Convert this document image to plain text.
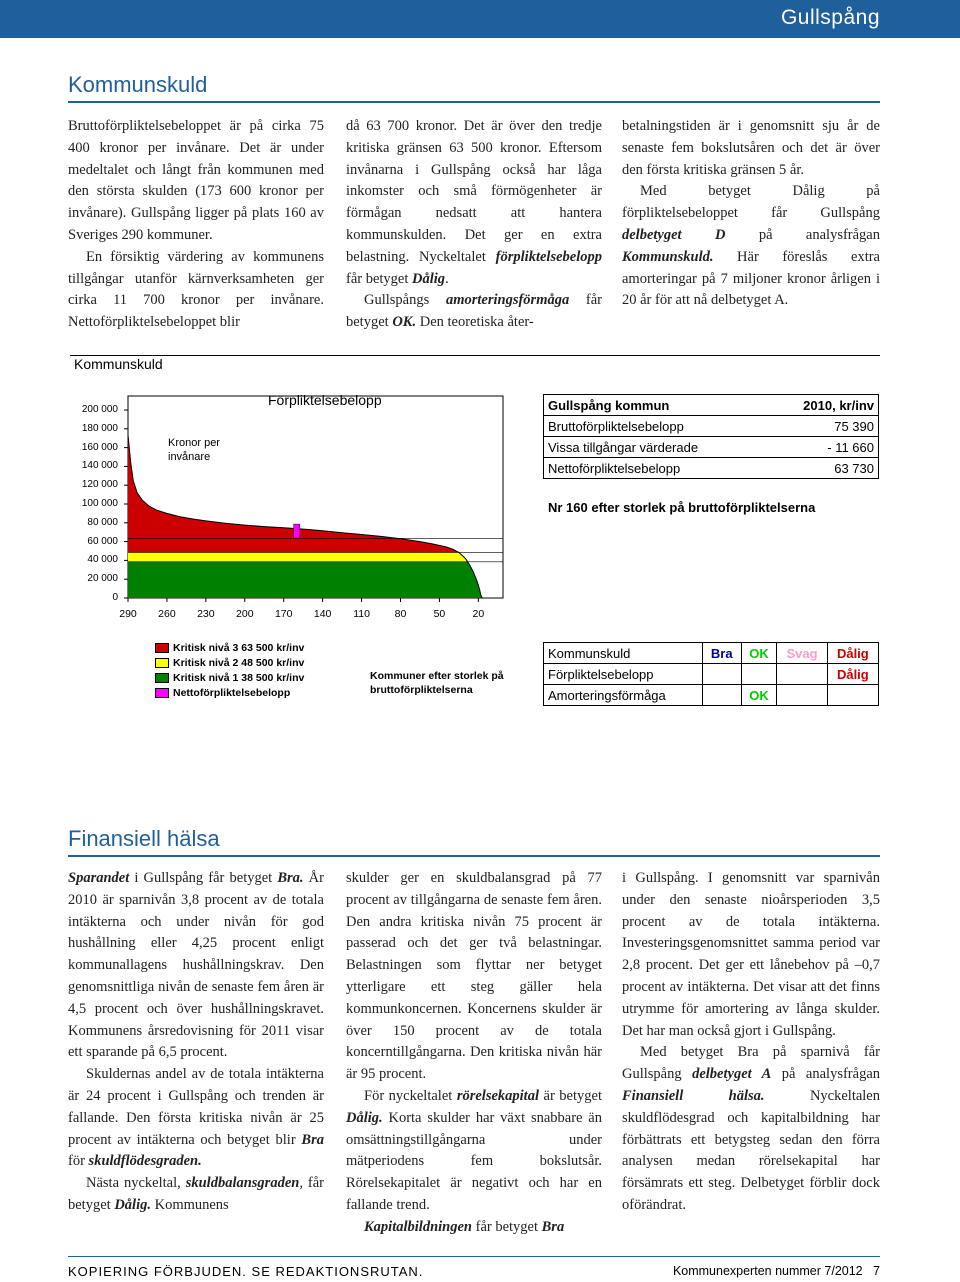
Gullspång
Kommunskuld

Bruttoförpliktelsebeloppet är på cirka 75 400 kronor per invånare. Det är under medeltalet och långt från kommunen med den största skulden (173 600 kronor per invånare). Gullspång ligger på plats 160 av Sveriges 290 kommuner.

En försiktig värdering av kommunens tillgångar utanför kärnverksamheten ger cirka 11 700 kronor per invånare. Nettoförpliktelsebeloppet blir

då 63 700 kronor. Det är över den tredje kritiska gränsen 63 500 kronor. Eftersom invånarna i Gullspång också har låga inkomster och små förmögenheter är förmågan nedsatt att hantera kommunskulden. Det ger en extra belastning. Nyckeltalet förpliktelsebelopp får betyget Dålig.

Gullspångs amorteringsförmåga får betyget OK. Den teoretiska åter-

betalningstiden är i genomsnitt sju år de senaste fem bokslutsåren och det är över den första kritiska gränsen 5 år.

Med betyget Dålig på förpliktelsebeloppet får Gullspång delbetyget D på analysfrågan Kommunskuld. Här föreslås extra amorteringar på 7 miljoner kronor årligen i 20 år för att nå delbetyget A.

Kommunskuld
200 000
180 000
160 000
140 000
120 000
100 000
80 000
60 000
40 000
20 000
0
290	260	230	200	170	140	110	80	50	20
Förpliktelsebelopp
Kronor per invånare
Kritisk nivå 3 63 500 kr/inv
Kritisk nivå 2 48 500 kr/inv
Kritisk nivå 1 38 500 kr/inv
Nettoförpliktelsebelopp
Kommuner efter storlek på bruttoförpliktelserna
Gullspång kommun	2010, kr/inv
Bruttoförpliktelsebelopp	75 390
Vissa tillgångar värderade	- 11 660
Nettoförpliktelsebelopp	63 730
Nr 160 efter storlek på bruttoförpliktelserna
Kommunskuld	Bra	OK	Svag	Dålig
Förpliktelsebelopp				Dålig
Amorteringsförmåga		OK		
Finansiell hälsa

Sparandet i Gullspång får betyget Bra. År 2010 är sparnivån 3,8 procent av de totala intäkterna och under nivån för god hushållning eller 4,25 procent enligt kommunallagens hushållningskrav. Den genomsnittliga nivån de senaste fem åren är 4,5 procent och över hushållningskravet. Kommunens årsredovisning för 2011 visar ett sparande på 6,5 procent.

Skuldernas andel av de totala intäkterna är 24 procent i Gullspång och trenden är fallande. Den första kritiska nivån är 25 procent av intäkterna och betyget blir Bra för skuldflödesgraden.

Nästa nyckeltal, skuldbalansgraden, får betyget Dålig. Kommunens

skulder ger en skuldbalansgrad på 77 procent av tillgångarna de senaste fem åren. Den andra kritiska nivån 75 procent är passerad och det ger två belastningar. Belastningen som flyttar ner betyget ytterligare ett steg gäller hela kommunkoncernen. Koncernens skulder är över 150 procent av de totala koncerntillgångarna. Den kritiska nivån här är 95 procent.

För nyckeltalet rörelsekapital är betyget Dålig. Korta skulder har växt snabbare än omsättningstillgångarna under mätperiodens fem bokslutsår. Rörelsekapitalet är negativt och har en fallande trend.

Kapitalbildningen får betyget Bra

i Gullspång. I genomsnitt var sparnivån under den senaste nioårsperioden 3,5 procent av de totala intäkterna. Investeringsgenomsnittet samma period var 2,8 procent. Det ger ett lånebehov på –0,7 procent av intäkterna. Det visar att det finns utrymme för amortering av långa skulder. Det har man också gjort i Gullspång.

Med betyget Bra på sparnivå får Gullspång delbetyget A på analysfrågan Finansiell hälsa. Nyckeltalen skuldflödesgrad och kapitalbildning har förbättrats ett betygsteg sedan den förra analysen medan rörelsekapital har försämrats ett steg. Delbetyget förblir dock oförändrat.

KOPIERING FÖRBJUDEN. SE REDAKTIONSRUTAN.	Kommunexperten nummer 7/2012 7
